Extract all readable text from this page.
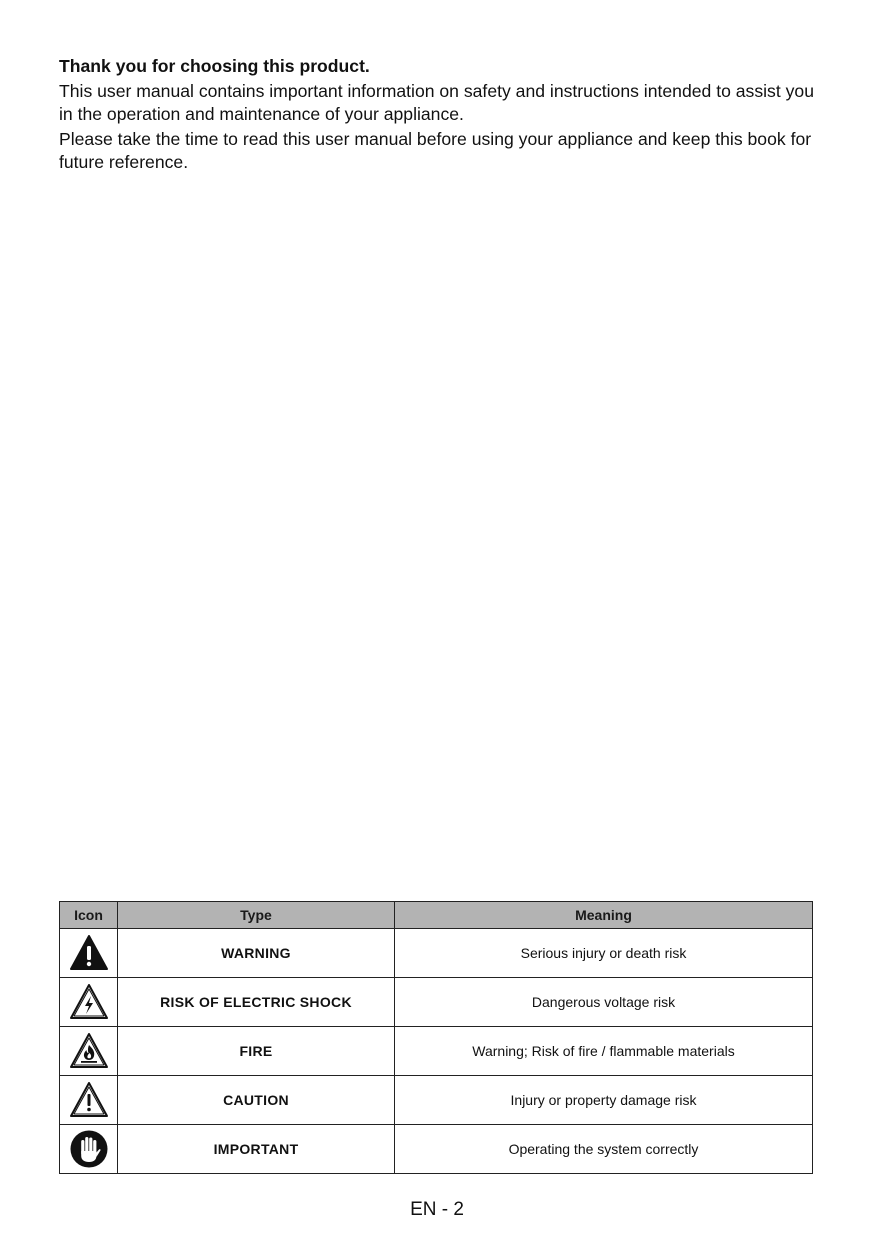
Thank you for choosing this product.

This user manual contains important information on safety and instructions intended to assist you in the operation and maintenance of your appliance.

Please take the time to read this user manual before using your appliance and keep this book for future reference.

Icon	Type	Meaning

	WARNING	Serious injury or death risk

	RISK OF ELECTRIC SHOCK	Dangerous voltage risk

	FIRE	Warning; Risk of fire / flammable materials

	CAUTION	Injury or property damage risk

	IMPORTANT	Operating the system correctly
EN - 2
